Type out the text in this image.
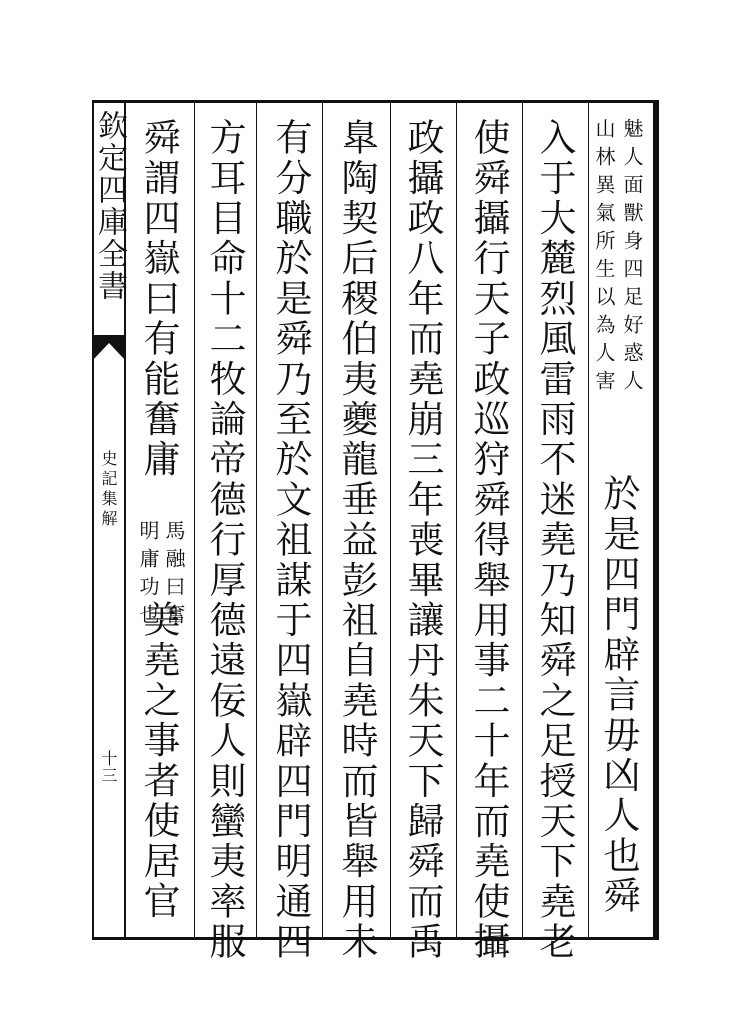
欽定四庫全書
史記集解
十三
魅人面獸身四足好惑人
山林異氣所生以為人害
於是四門辟言毋凶人也舜
入于大麓烈風雷雨不迷堯乃知舜之足授天下堯老
使舜攝行天子政巡狩舜得舉用事二十年而堯使攝
政攝政八年而堯崩三年喪畢讓丹朱天下歸舜而禹
臯陶契后稷伯夷夔龍垂益彭祖自堯時而皆舉用未
有分職於是舜乃至於文祖謀于四嶽辟四門明通四
方耳目命十二牧論帝德行厚德遠佞人則蠻夷率服
舜謂四嶽曰有能奮庸
馬融曰奮
明庸功也
美堯之事者使居官
